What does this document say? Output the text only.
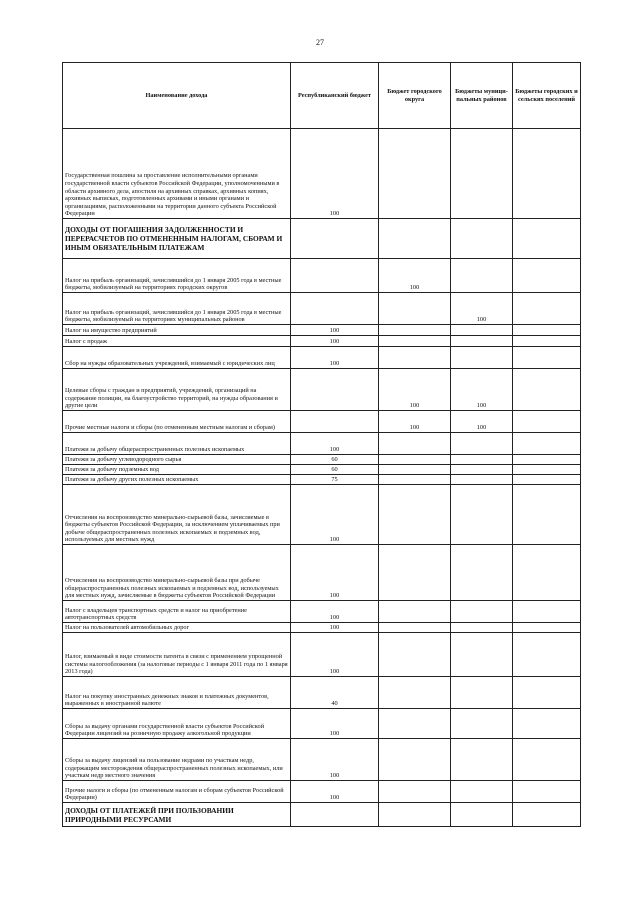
27
Наименование дохода	Республиканский бюджет	Бюджет городского округа	Бюджеты муници-пальных районов	Бюджеты городских и сельских поселений
Государственная пошлина за проставление исполнительными органами государственной власти субъектов Российской Федерации, уполномоченными в области архивного дела, апостиля на архивных справках, архивных копиях, архивных выписках, подготовленных архивами и иными органами и организациями, расположенными на территории данного субъекта Российской Федерации	100			
ДОХОДЫ ОТ ПОГАШЕНИЯ ЗАДОЛЖЕННОСТИ И ПЕРЕРАСЧЕТОВ ПО ОТМЕНЕННЫМ НАЛОГАМ, СБОРАМ И ИНЫМ ОБЯЗАТЕЛЬНЫМ ПЛАТЕЖАМ				
Налог на прибыль организаций, зачислявшийся до 1 января 2005 года в местные бюджеты, мобилизуемый на территориях городских округов		100		
Налог на прибыль организаций, зачислявшийся до 1 января 2005 года в местные бюджеты, мобилизуемый на территориях муниципальных районов			100	
Налог на имущество предприятий	100			
Налог с продаж	100			
Сбор на нужды образовательных учреждений, взимаемый с юридических лиц	100			
Целевые сборы с граждан и предприятий, учреждений, организаций на содержание полиции, на благоустройство территорий, на нужды образования и другие цели		100	100	
Прочие местные налоги и сборы (по отмененным местным налогам и сборам)		100	100	
Платежи за добычу общераспространенных полезных ископаемых	100			
Платежи за добычу углеводородного сырья	60			
Платежи за добычу подземных вод	60			
Платежи за добычу других полезных ископаемых	75			
Отчисления на воспроизводство минерально-сырьевой базы, зачисляемые в бюджеты субъектов Российской Федерации, за исключением уплачиваемых при добыче общераспространенных полезных ископаемых и подземных вод, используемых для местных нужд	100			
Отчисления на воспроизводство минерально-сырьевой базы при добыче общераспространенных полезных ископаемых и подземных вод, используемых для местных нужд, зачисляемые в бюджеты субъектов Российской Федерации	100			
Налог с владельцев транспортных средств и налог на приобретение автотранспортных средств	100			
Налог на пользователей автомобильных дорог	100			
Налог, взимаемый в виде стоимости патента в связи с применением упрощенной системы налогообложения (за налоговые периоды с 1 января 2011 года по 1 января 2013 года)	100			
Налог на покупку иностранных денежных знаков и платежных документов, выраженных в иностранной валюте	40			
Сборы за выдачу органами государственной власти субъектов Российской Федерации лицензий на розничную продажу алкогольной продукции	100			
Сборы за выдачу лицензий на пользование недрами по участкам недр, содержащим месторождения общераспространенных полезных ископаемых, или участкам недр местного значения	100			
Прочие налоги и сборы (по отмененным налогам и сборам субъектов Российской Федерации)	100			
ДОХОДЫ ОТ ПЛАТЕЖЕЙ ПРИ ПОЛЬЗОВАНИИ ПРИРОДНЫМИ РЕСУРСАМИ				
